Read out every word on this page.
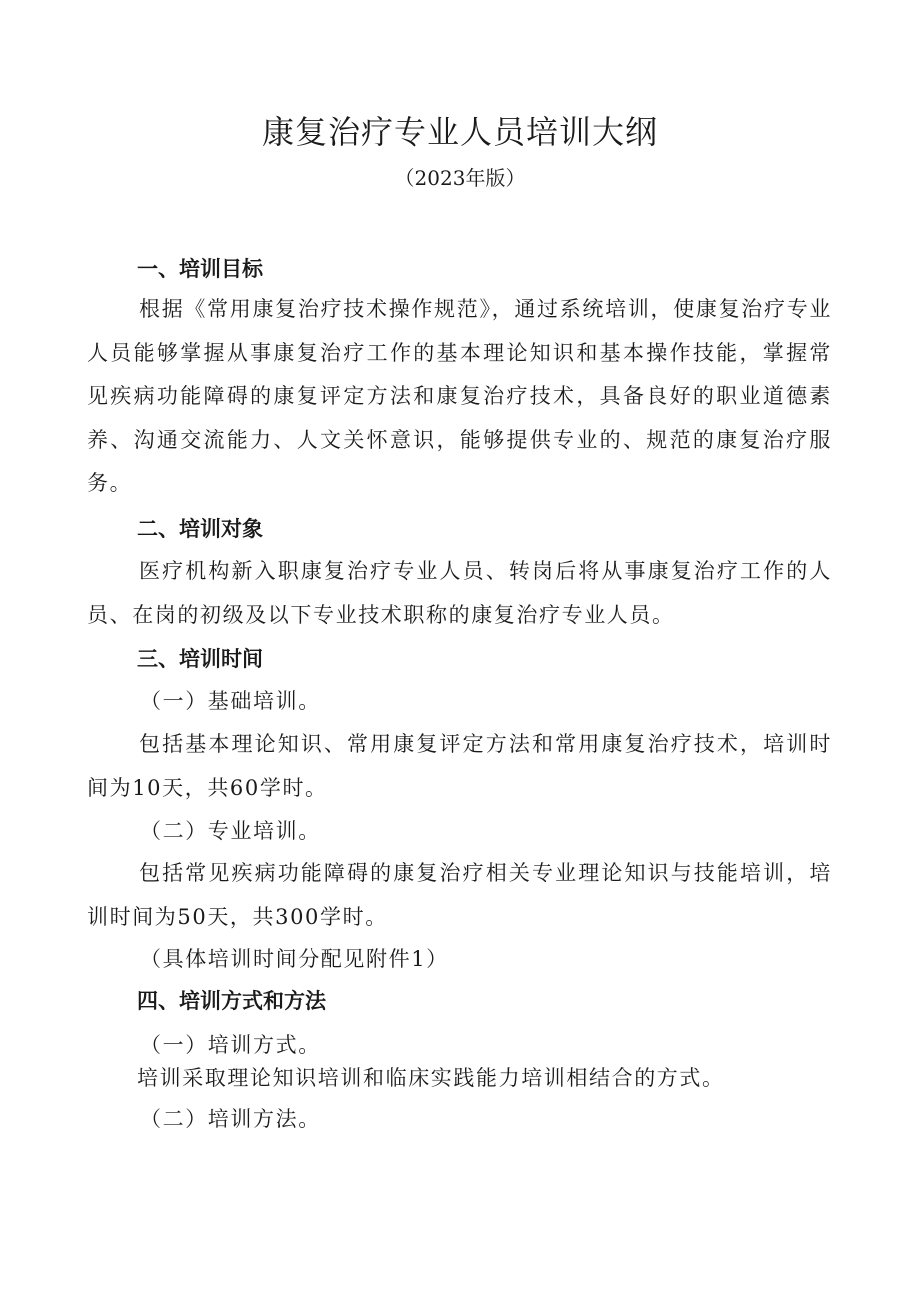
康复治疗专业人员培训大纲
（2023年版）
一、培训目标
根据《常用康复治疗技术操作规范》，通过系统培训，使康复治疗专业人员能够掌握从事康复治疗工作的基本理论知识和基本操作技能，掌握常见疾病功能障碍的康复评定方法和康复治疗技术，具备良好的职业道德素养、沟通交流能力、人文关怀意识，能够提供专业的、规范的康复治疗服务。
二、培训对象
医疗机构新入职康复治疗专业人员、转岗后将从事康复治疗工作的人员、在岗的初级及以下专业技术职称的康复治疗专业人员。
三、培训时间
（一）基础培训。
包括基本理论知识、常用康复评定方法和常用康复治疗技术，培训时间为10天，共60学时。
（二）专业培训。
包括常见疾病功能障碍的康复治疗相关专业理论知识与技能培训，培训时间为50天，共300学时。
（具体培训时间分配见附件1）
四、培训方式和方法
（一）培训方式。
培训采取理论知识培训和临床实践能力培训相结合的方式。
（二）培训方法。
